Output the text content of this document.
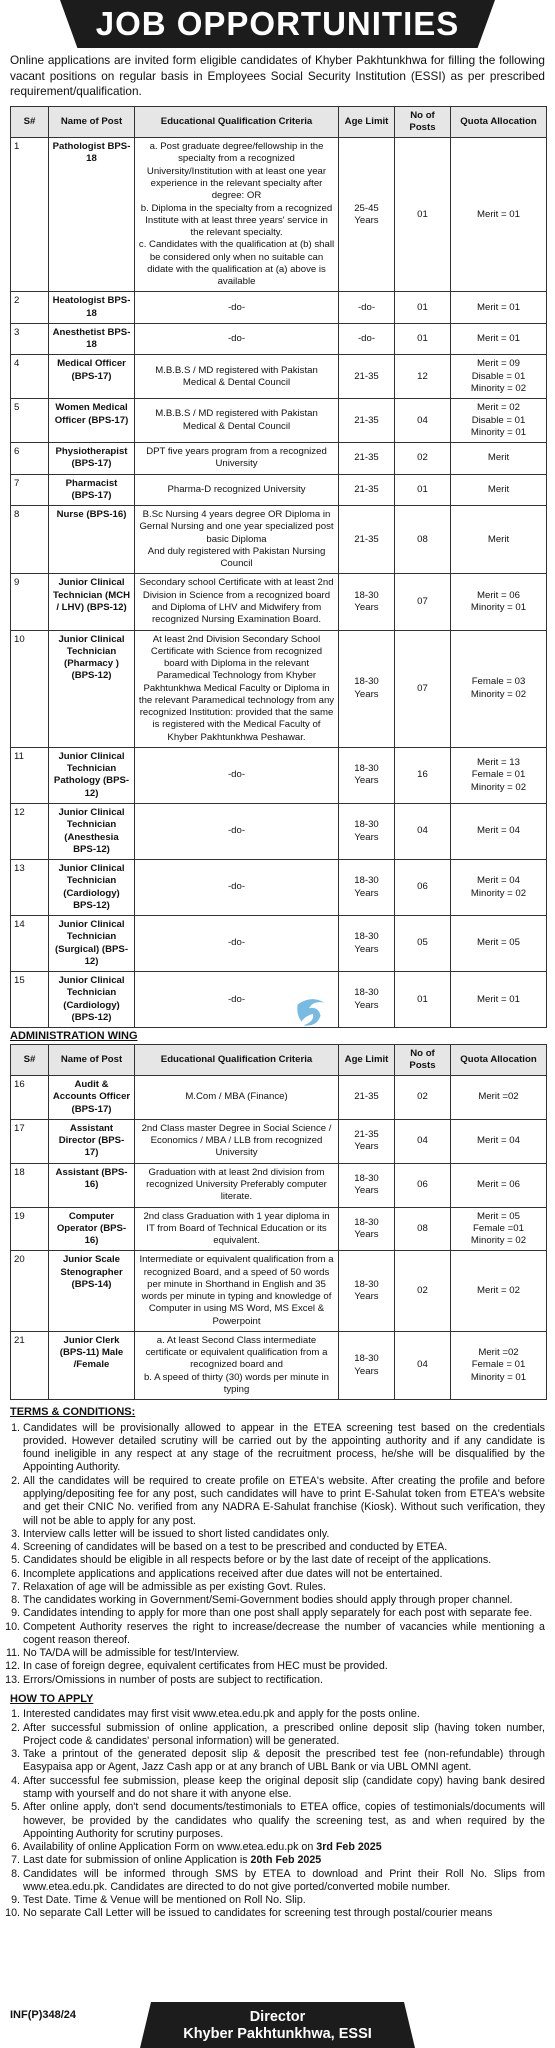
JOB OPPORTUNITIES
Online applications are invited form eligible candidates of Khyber Pakhtunkhwa for filling the following vacant positions on regular basis in Employees Social Security Institution (ESSI) as per prescribed requirement/qualification.
S#	Name of Post	Educational Qualification Criteria	Age Limit	No of Posts	Quota Allocation
1	Pathologist BPS-18	a. Post graduate degree/fellowship in the specialty from a recognized University/Institution with at least one year experience in the relevant specialty after degree: OR
b. Diploma in the specialty from a recognized Institute with at least three years' service in the relevant specialty.
c. Candidates with the qualification at (b) shall be considered only when no suitable can didate with the qualification at (a) above is available	25-45 Years	01	Merit = 01
2	Heatologist BPS-18	-do-	-do-	01	Merit = 01
3	Anesthetist BPS-18	-do-	-do-	01	Merit = 01
4	Medical Officer (BPS-17)	M.B.B.S / MD registered with Pakistan Medical & Dental Council	21-35	12	Merit = 09
Disable = 01
Minority = 02
5	Women Medical Officer (BPS-17)	M.B.B.S / MD registered with Pakistan Medical & Dental Council	21-35	04	Merit = 02
Disable = 01
Minority = 01
6	Physiotherapist (BPS-17)	DPT five years program from a recognized University	21-35	02	Merit
7	Pharmacist (BPS-17)	Pharma-D recognized University	21-35	01	Merit
8	Nurse (BPS-16)	B.Sc Nursing 4 years degree OR Diploma in Gernal Nursing and one year specialized post basic Diploma
And duly registered with Pakistan Nursing Council	21-35	08	Merit
9	Junior Clinical Technician (MCH / LHV) (BPS-12)	Secondary school Certificate with at least 2nd Division in Science from a recognized board and Diploma of LHV and Midwifery from recognized Nursing Examination Board.	18-30 Years	07	Merit = 06
Minority = 01
10	Junior Clinical Technician (Pharmacy ) (BPS-12)	At least 2nd Division Secondary School Certificate with Science from recognized board with Diploma in the relevant Paramedical Technology from Khyber Pakhtunkhwa Medical Faculty or Diploma in the relevant Paramedical technology from any recognized Institution: provided that the same is registered with the Medical Faculty of Khyber Pakhtunkhwa Peshawar.	18-30 Years	07	Female = 03
Minority = 02
11	Junior Clinical Technician Pathology (BPS-12)	-do-	18-30 Years	16	Merit = 13
Female = 01
Minority = 02
12	Junior Clinical Technician (Anesthesia BPS-12)	-do-	18-30 Years	04	Merit = 04
13	Junior Clinical Technician (Cardiology) BPS-12)	-do-	18-30 Years	06	Merit = 04
Minority = 02
14	Junior Clinical Technician (Surgical) (BPS-12)	-do-	18-30 Years	05	Merit = 05
15	Junior Clinical Technician (Cardiology) (BPS-12)	-do-	18-30 Years	01	Merit = 01
ADMINISTRATION WING
S#	Name of Post	Educational Qualification Criteria	Age Limit	No of Posts	Quota Allocation
16	Audit & Accounts Officer (BPS-17)	M.Com / MBA (Finance)	21-35	02	Merit =02
17	Assistant Director (BPS-17)	2nd Class master Degree in Social Science / Economics / MBA / LLB from recognized University	21-35 Years	04	Merit = 04
18	Assistant (BPS-16)	Graduation with at least 2nd division from recognized University Preferably computer literate.	18-30 Years	06	Merit = 06
19	Computer Operator (BPS-16)	2nd class Graduation with 1 year diploma in IT from Board of Technical Education or its equivalent.	18-30 Years	08	Merit = 05
Female =01
Minority = 02
20	Junior Scale Stenographer (BPS-14)	Intermediate or equivalent qualification from a recognized Board, and a speed of 50 words per minute in Shorthand in English and 35 words per minute in typing and knowledge of Computer in using MS Word, MS Excel & Powerpoint	18-30 Years	02	Merit = 02
21	Junior Clerk (BPS-11) Male /Female	a. At least Second Class intermediate certificate or equivalent qualification from a recognized board and
b. A speed of thirty (30) words per minute in typing	18-30 Years	04	Merit =02
Female = 01
Minority = 01
TERMS & CONDITIONS:
1. Candidates will be provisionally allowed to appear in the ETEA screening test based on the credentials provided. However detailed scrutiny will be carried out by the appointing authority and if any candidate is found ineligible in any respect at any stage of the recruitment process, he/she will be disqualified by the Appointing Authority.
2. All the candidates will be required to create profile on ETEA's website. After creating the profile and before applying/depositing fee for any post, such candidates will have to print E-Sahulat token from ETEA's website and get their CNIC No. verified from any NADRA E-Sahulat franchise (Kiosk). Without such verification, they will not be able to apply for any post.
3. Interview calls letter will be issued to short listed candidates only.
4. Screening of candidates will be based on a test to be prescribed and conducted by ETEA.
5. Candidates should be eligible in all respects before or by the last date of receipt of the applications.
6. Incomplete applications and applications received after due dates will not be entertained.
7. Relaxation of age will be admissible as per existing Govt. Rules.
8. The candidates working in Government/Semi-Government bodies should apply through proper channel.
9. Candidates intending to apply for more than one post shall apply separately for each post with separate fee.
10. Competent Authority reserves the right to increase/decrease the number of vacancies while mentioning a cogent reason thereof.
11. No TA/DA will be admissible for test/Interview.
12. In case of foreign degree, equivalent certificates from HEC must be provided.
13. Errors/Omissions in number of posts are subject to rectification.
HOW TO APPLY
1. Interested candidates may first visit www.etea.edu.pk and apply for the posts online.
2. After successful submission of online application, a prescribed online deposit slip (having token number, Project code & candidates' personal information) will be generated.
3. Take a printout of the generated deposit slip & deposit the prescribed test fee (non-refundable) through Easypaisa app or Agent, Jazz Cash app or at any branch of UBL Bank or via UBL OMNI agent.
4. After successful fee submission, please keep the original deposit slip (candidate copy) having bank desired stamp with yourself and do not share it with anyone else.
5. After online apply, don't send documents/testimonials to ETEA office, copies of testimonials/documents will however, be provided by the candidates who qualify the screening test, as and when required by the Appointing Authority for scrutiny purposes.
6. Availability of online Application Form on www.etea.edu.pk on 3rd Feb 2025
7. Last date for submission of online Application is 20th Feb 2025
8. Candidates will be informed through SMS by ETEA to download and Print their Roll No. Slips from www.etea.edu.pk. Candidates are directed to do not give ported/converted mobile number.
9. Test Date. Time & Venue will be mentioned on Roll No. Slip.
10. No separate Call Letter will be issued to candidates for screening test through postal/courier means
INF(P)348/24	Director
Khyber Pakhtunkhwa, ESSI
